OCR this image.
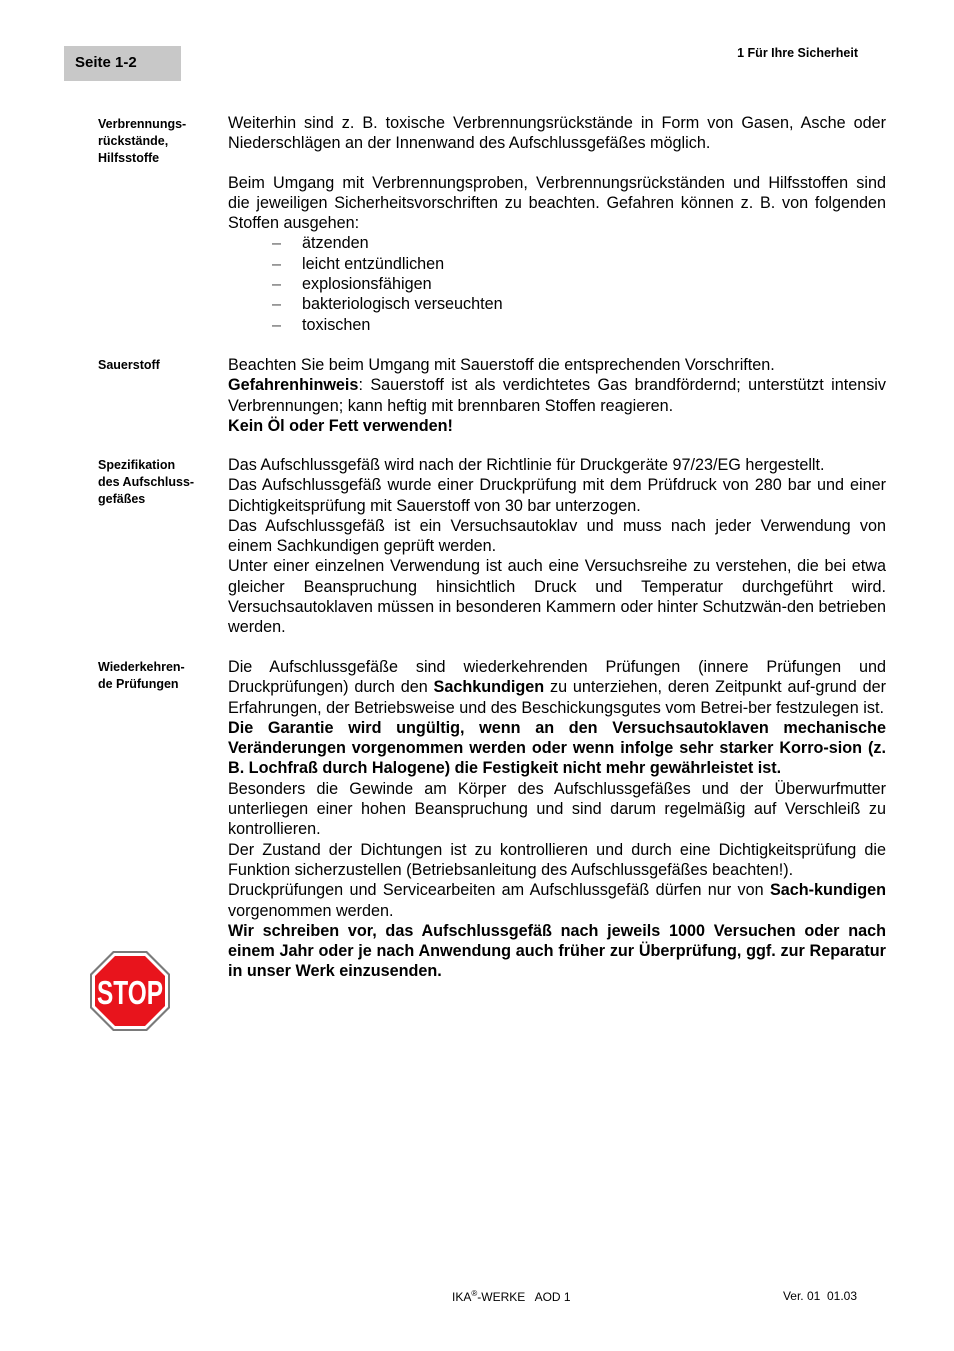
Seite 1-2
1 Für Ihre Sicherheit
Verbrennungs-
rückstände,
Hilfsstoffe

Weiterhin sind z. B. toxische Verbrennungsrückstände in Form von Gasen, Asche oder Niederschlägen an der Innenwand des Aufschlussgefäßes möglich.

Beim Umgang mit Verbrennungsproben, Verbrennungsrückständen und Hilfsstoffen sind die jeweiligen Sicherheitsvorschriften zu beachten. Gefahren können z. B. von folgenden Stoffen ausgehen:

– ätzenden
– leicht entzündlichen
– explosionsfähigen
– bakteriologisch verseuchten
– toxischen
Sauerstoff	Beachten Sie beim Umgang mit Sauerstoff die entsprechenden Vorschriften.

Gefahrenhinweis: Sauerstoff ist als verdichtetes Gas brandfördernd; unterstützt intensiv Verbrennungen; kann heftig mit brennbaren Stoffen reagieren.

Kein Öl oder Fett verwenden!

Spezifikation
des Aufschluss-
gefäßes

Das Aufschlussgefäß wird nach der Richtlinie für Druckgeräte 97/23/EG hergestellt.

Das Aufschlussgefäß wurde einer Druckprüfung mit dem Prüfdruck von 280 bar und einer Dichtigkeitsprüfung mit Sauerstoff von 30 bar unterzogen.

Das Aufschlussgefäß ist ein Versuchsautoklav und muss nach jeder Verwendung von einem Sachkundigen geprüft werden.

Unter einer einzelnen Verwendung ist auch eine Versuchsreihe zu verstehen, die bei etwa gleicher Beanspruchung hinsichtlich Druck und Temperatur durchgeführt wird. Versuchsautoklaven müssen in besonderen Kammern oder hinter Schutzwän-den betrieben werden.

Wiederkehren-
de Prüfungen

Die Aufschlussgefäße sind wiederkehrenden Prüfungen (innere Prüfungen und Druckprüfungen) durch den Sachkundigen zu unterziehen, deren Zeitpunkt auf-grund der Erfahrungen, der Betriebsweise und des Beschickungsgutes vom Betrei-ber festzulegen ist.

Die Garantie wird ungültig, wenn an den Versuchsautoklaven mechanische Veränderungen vorgenommen werden oder wenn infolge sehr starker Korro-sion (z. B. Lochfraß durch Halogene) die Festigkeit nicht mehr gewährleistet ist.

Besonders die Gewinde am Körper des Aufschlussgefäßes und der Überwurfmutter unterliegen einer hohen Beanspruchung und sind darum regelmäßig auf Verschleiß zu kontrollieren.

Der Zustand der Dichtungen ist zu kontrollieren und durch eine Dichtigkeitsprüfung die Funktion sicherzustellen (Betriebsanleitung des Aufschlussgefäßes beachten!).

Druckprüfungen und Servicearbeiten am Aufschlussgefäß dürfen nur von Sach-kundigen vorgenommen werden.

Wir schreiben vor, das Aufschlussgefäß nach jeweils 1000 Versuchen oder nach einem Jahr oder je nach Anwendung auch früher zur Überprüfung, ggf. zur Reparatur in unser Werk einzusenden.

STOP
IKA®-WERKE   AOD 1	Ver. 01  01.03
